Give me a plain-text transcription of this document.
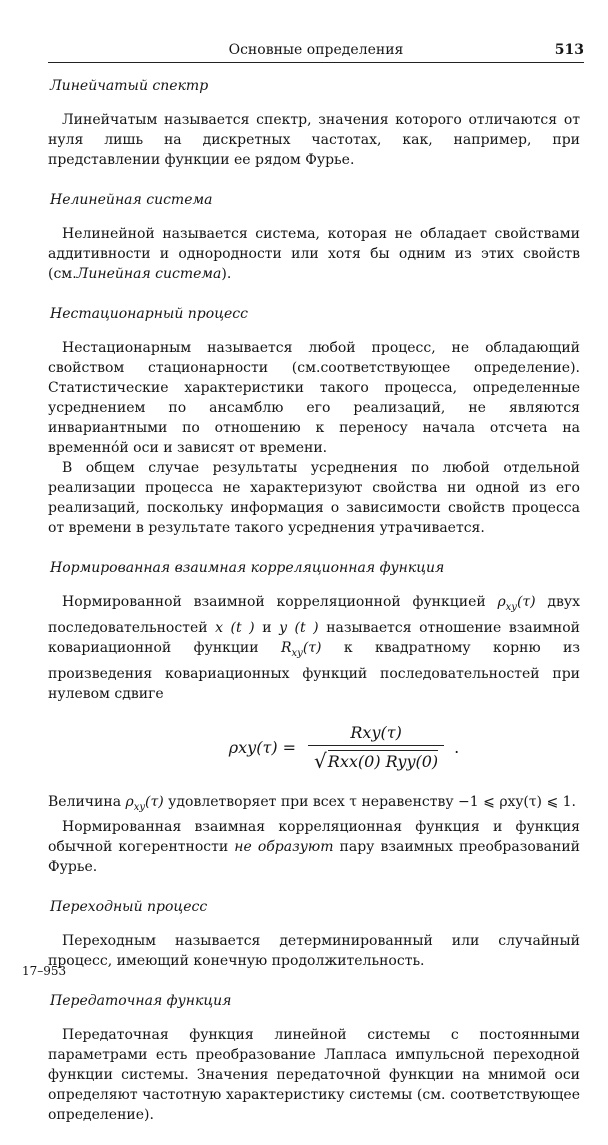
Основные определения	513
Линейчатый спектр

Линейчатым называется спектр, значения которого отличаются от нуля лишь на дискретных частотах, как, например, при представлении функции ее рядом Фурье.

Нелинейная система

Нелинейной называется система, которая не обладает свойствами аддитивности и однородности или хотя бы одним из этих свойств (см.Линейная система).

Нестационарный процесс

Нестационарным называется любой процесс, не обладающий свойством стационарности (см.соответствующее определение). Статистические характеристики такого процесса, определенные усреднением по ансамблю его реализаций, не являются инвариантными по отношению к переносу начала отсчета на временнóй оси и зависят от времени.

В общем случае результаты усреднения по любой отдельной реализации процесса не характеризуют свойства ни одной из его реализаций, поскольку информация о зависимости свойств процесса от времени в результате такого усреднения утрачивается.

Нормированная взаимная корреляционная функция

Нормированной взаимной корреляционной функцией $\rho_{xy}(\tau)$ двух последовательностей x (t ) и y (t ) называется отношение взаимной ковариационной функции $R_{xy}(\tau)$ к квадратному корню из произведения ковариационных функций последовательностей при нулевом сдвиге

$\rho xy(\tau) = \frac{\text{Rxy(τ)}}{\text{√ Rxx(0) Ryy(0)}}$ .

Величина $\rho_{xy}(\tau)$ удовлетворяет при всех τ неравенству −1 ⩽ ρxy(τ) ⩽ 1.

Нормированная взаимная корреляционная функция и функция обычной когерентности не образуют пару взаимных преобразований Фурье.

Переходный процесс

Переходным называется детерминированный или случайный процесс, имеющий конечную продолжительность.

Передаточная функция

Передаточная функция линейной системы с постоянными параметрами есть преобразование Лапласа импульсной переходной функции системы. Значения передаточной функции на мнимой оси определяют частотную характеристику системы (см. соответствующее определение).

17–953
